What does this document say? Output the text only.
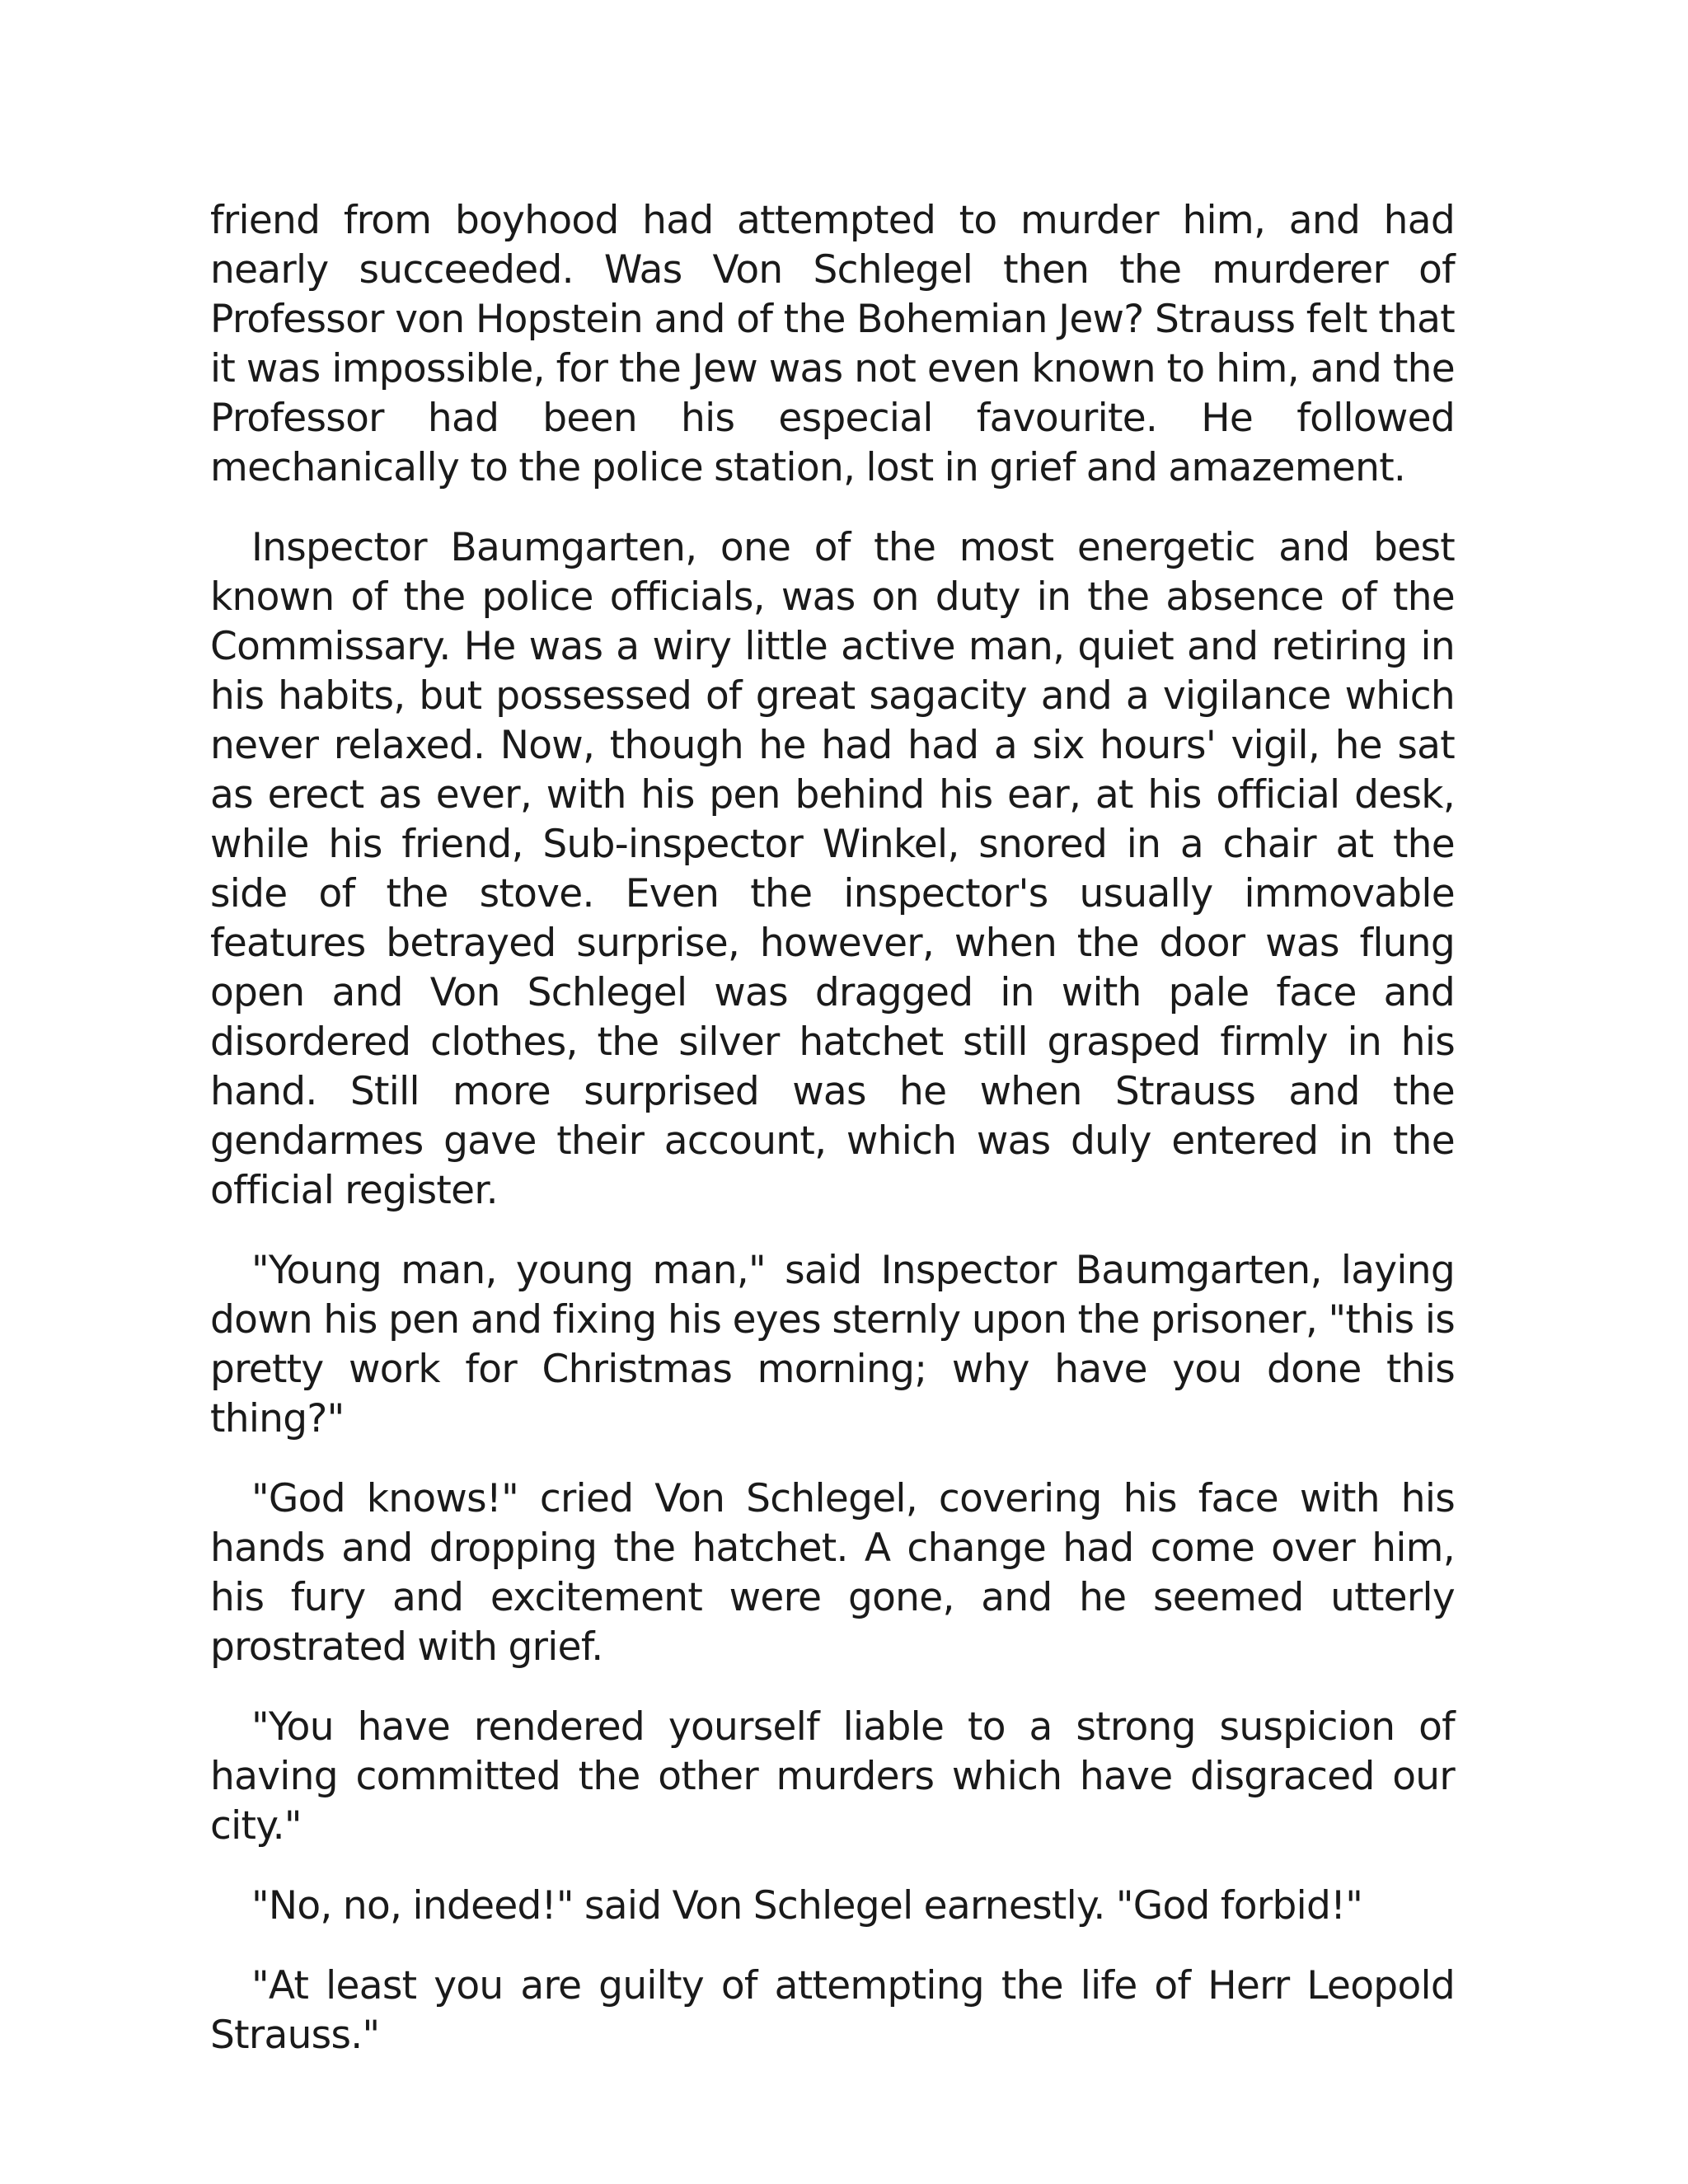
friend from boyhood had attempted to murder him, and had nearly succeeded. Was Von Schlegel then the murderer of Professor von Hopstein and of the Bohemian Jew? Strauss felt that it was impossible, for the Jew was not even known to him, and the Professor had been his especial favourite. He followed mechanically to the police station, lost in grief and amazement.

Inspector Baumgarten, one of the most energetic and best known of the police officials, was on duty in the absence of the Commissary. He was a wiry little active man, quiet and retiring in his habits, but possessed of great sagacity and a vigilance which never relaxed. Now, though he had had a six hours' vigil, he sat as erect as ever, with his pen behind his ear, at his official desk, while his friend, Sub-inspector Winkel, snored in a chair at the side of the stove. Even the inspector's usually immovable features betrayed surprise, however, when the door was flung open and Von Schlegel was dragged in with pale face and disordered clothes, the silver hatchet still grasped firmly in his hand. Still more surprised was he when Strauss and the gendarmes gave their account, which was duly entered in the official register.

"Young man, young man," said Inspector Baumgarten, laying down his pen and fixing his eyes sternly upon the prisoner, "this is pretty work for Christmas morning; why have you done this thing?"

"God knows!" cried Von Schlegel, covering his face with his hands and dropping the hatchet. A change had come over him, his fury and excitement were gone, and he seemed utterly prostrated with grief.

"You have rendered yourself liable to a strong suspicion of having committed the other murders which have disgraced our city."

"No, no, indeed!" said Von Schlegel earnestly. "God forbid!"

"At least you are guilty of attempting the life of Herr Leopold Strauss."
